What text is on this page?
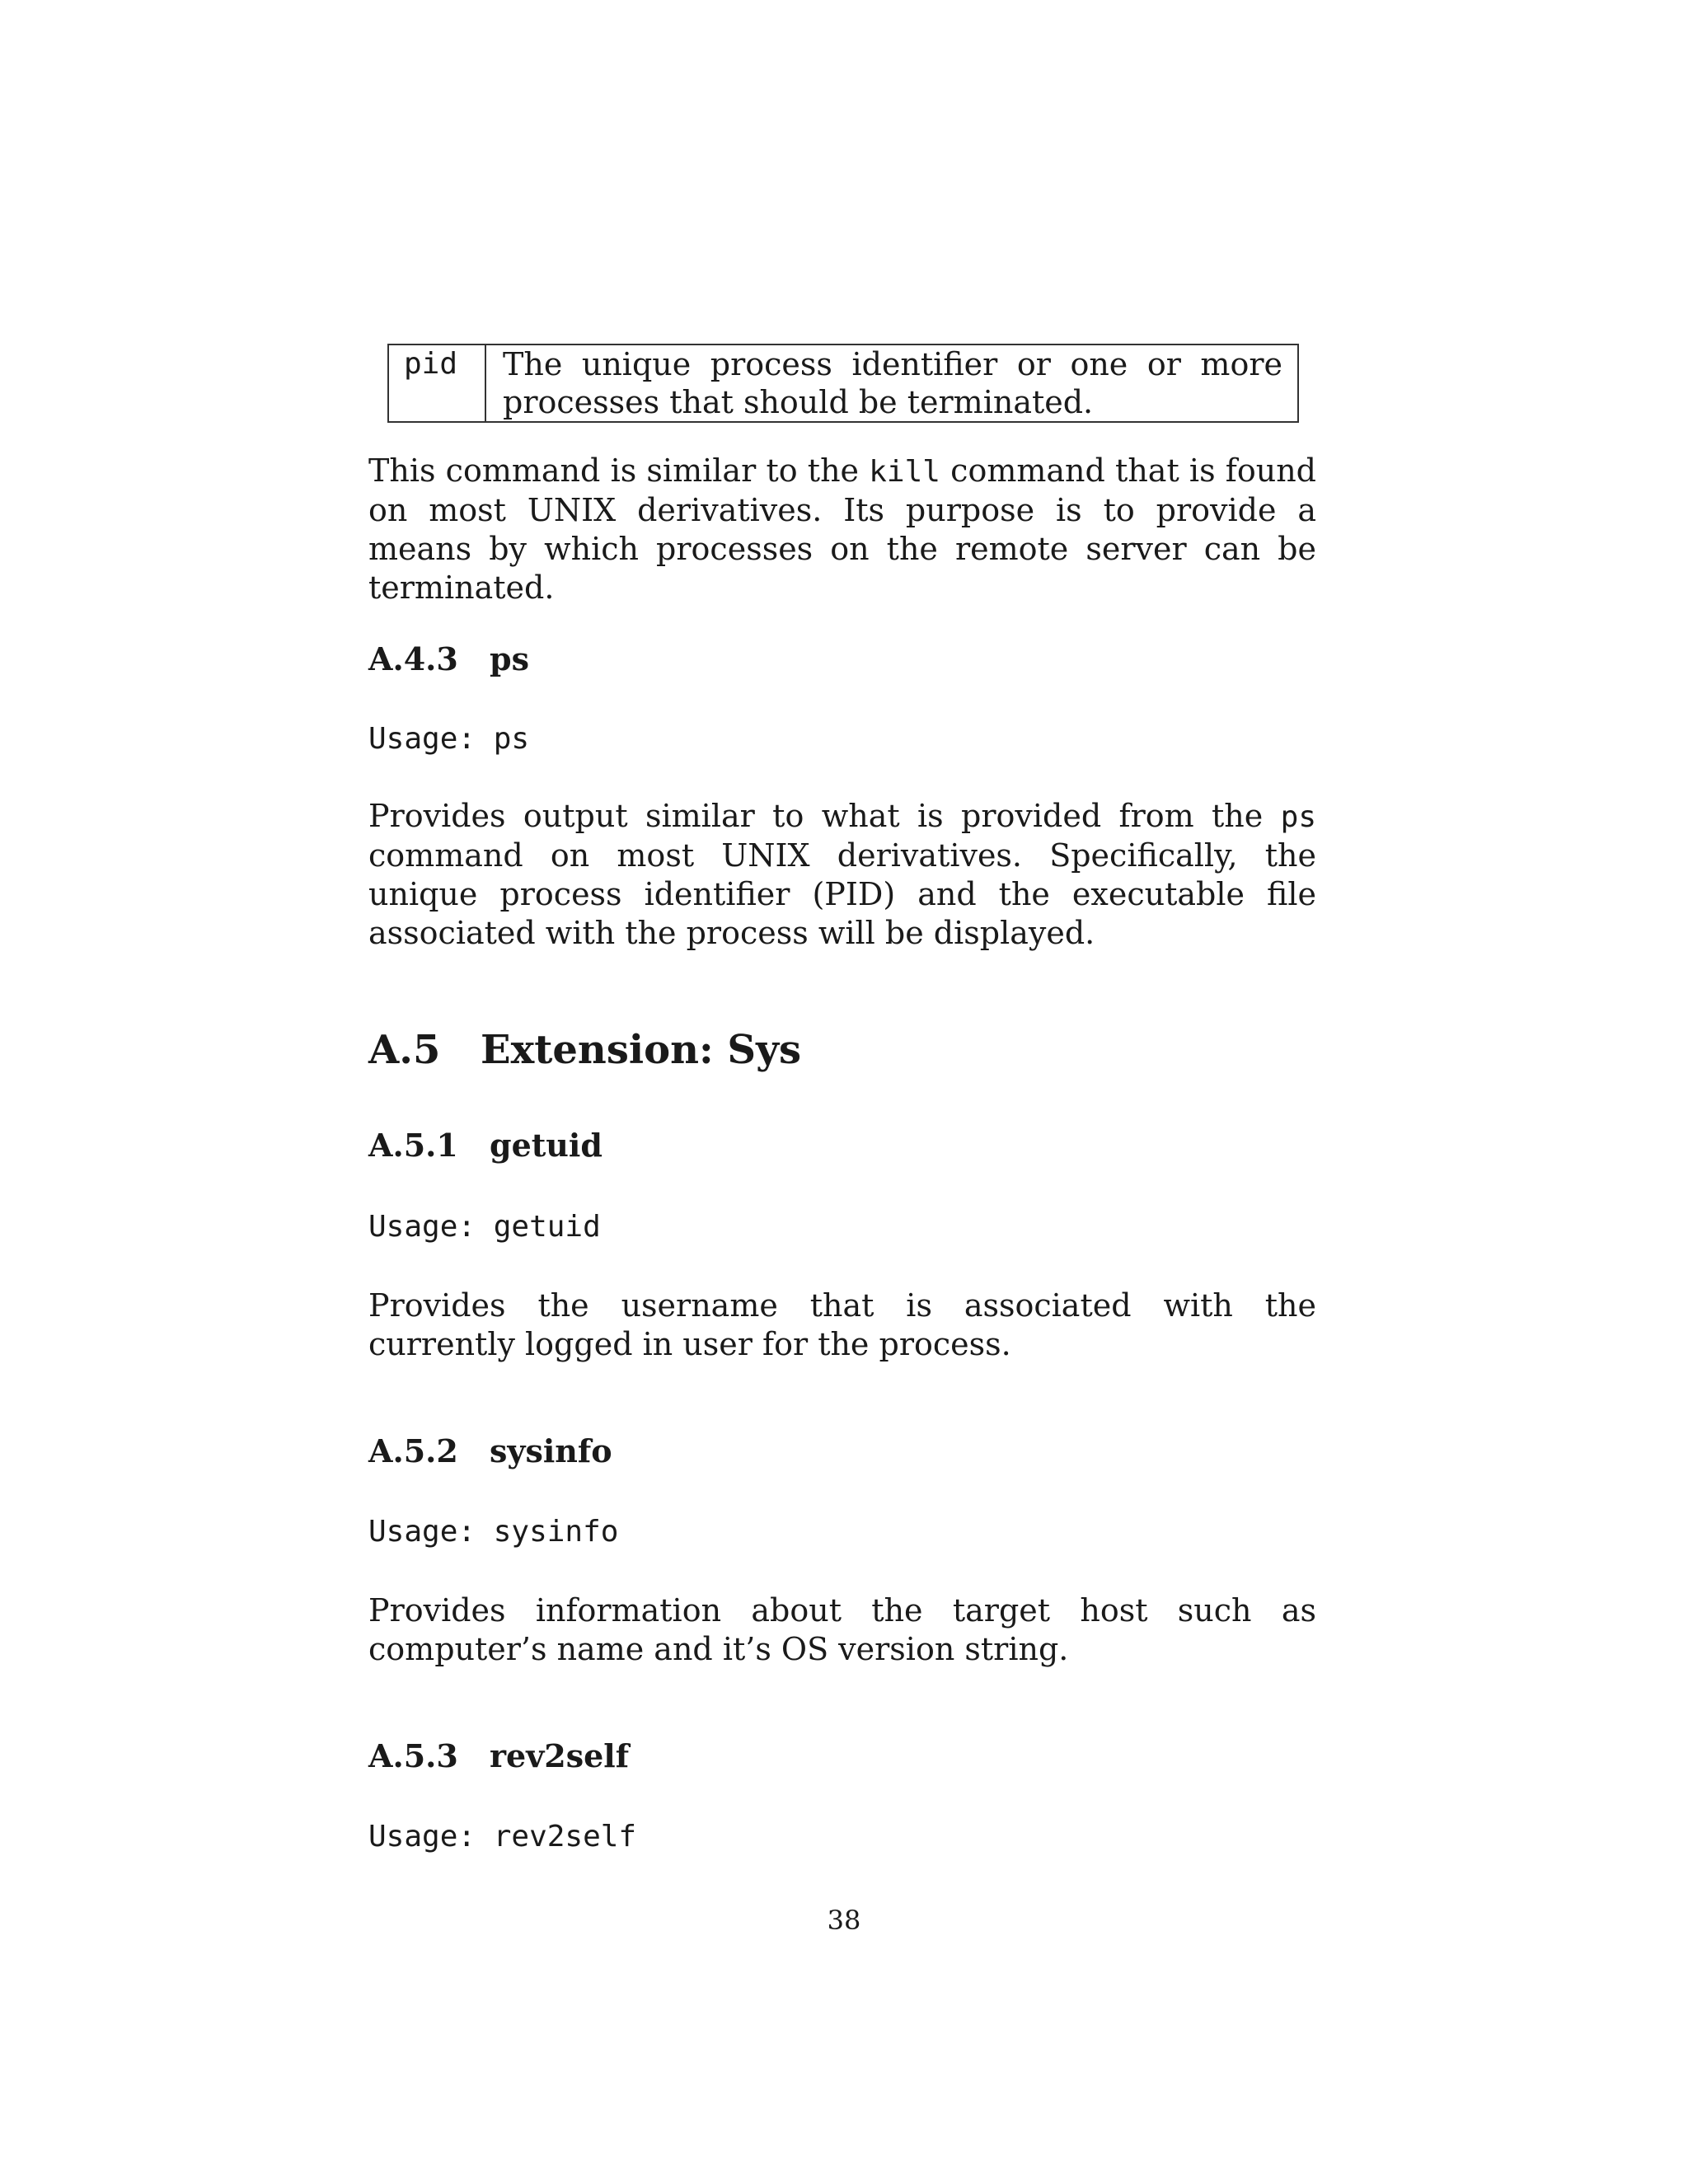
pid	The unique process identifier or one or more processes that should be terminated.

This command is similar to the kill command that is found on most UNIX derivatives. Its purpose is to provide a means by which processes on the remote server can be terminated.

A.4.3 ps
Usage: ps

Provides output similar to what is provided from the ps command on most UNIX derivatives. Specifically, the unique process identifier (PID) and the executable file associated with the process will be displayed.

A.5 Extension: Sys
A.5.1 getuid
Usage: getuid

Provides the username that is associated with the currently logged in user for the process.

A.5.2 sysinfo
Usage: sysinfo

Provides information about the target host such as computer’s name and it’s OS version string.

A.5.3 rev2self
Usage: rev2self
38
